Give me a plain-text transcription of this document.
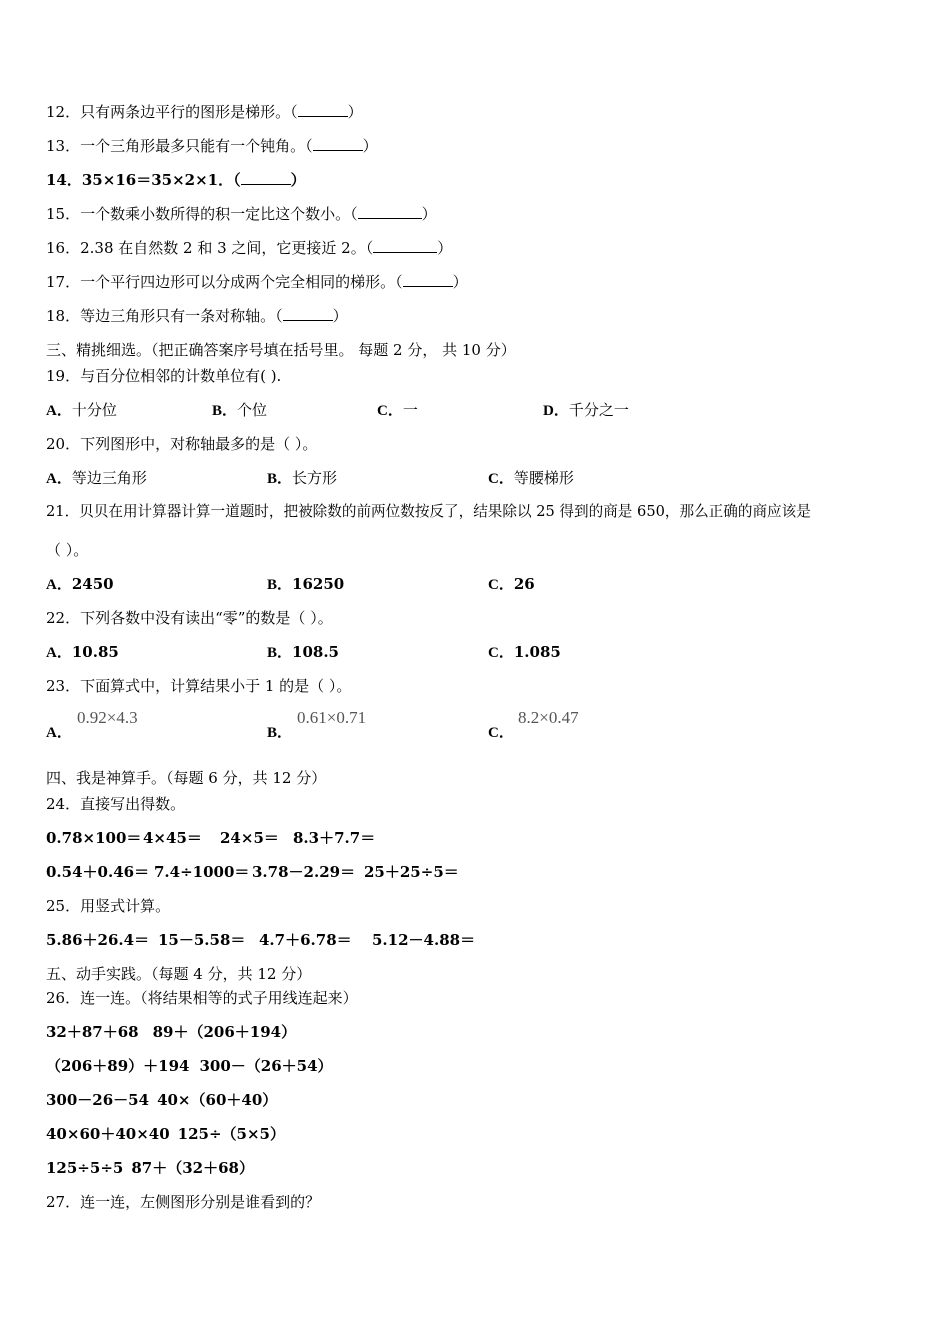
12．只有两条边平行的图形是梯形。（	）
13．一个三角形最多只能有一个钝角。（	）
14．35×16＝35×2×1．（	）
15．一个数乘小数所得的积一定比这个数小。（	）
16．2.38 在自然数 2 和 3 之间，它更接近 2。（	）
17．一个平行四边形可以分成两个完全相同的梯形。（	）
18．等边三角形只有一条对称轴。（	）
三、精挑细选。（把正确答案序号填在括号里。 每题 2 分， 共 10 分）
19．与百分位相邻的计数单位有( ).
A．十分位	B．个位	C．一	D．千分之一
20．下列图形中，对称轴最多的是（ ）。
A．等边三角形	B．长方形	C．等腰梯形
21．贝贝在用计算器计算一道题时，把被除数的前两位数按反了，结果除以 25 得到的商是 650，那么正确的商应该是
（ ）。
A．2450	B．16250	C．26
22．下列各数中没有读出“零”的数是（ ）。
A．10.85	B．108.5	C．1.085
23．下面算式中，计算结果小于 1 的是（ ）。
A．
0.92×4.3
B．
0.61×0.71
C．
8.2×0.47
四、我是神算手。（每题 6 分，共 12 分）
24．直接写出得数。
0.78×100＝ 4×45＝ 24×5＝ 8.3＋7.7＝
0.54＋0.46＝ 7.4÷1000＝ 3.78－2.29＝ 25＋25÷5＝
25．用竖式计算。
5.86＋26.4＝ 15－5.58＝ 4.7＋6.78＝ 5.12－4.88＝
五、动手实践。（每题 4 分，共 12 分）
26．连一连。（将结果相等的式子用线连起来）
32＋87＋68 89＋（206＋194）
（206＋89）＋194 300－（26＋54）
300－26－54 40×（60＋40）
40×60＋40×40 125÷（5×5）
125÷5÷5 87＋（32＋68）
27．连一连，左侧图形分别是谁看到的？
